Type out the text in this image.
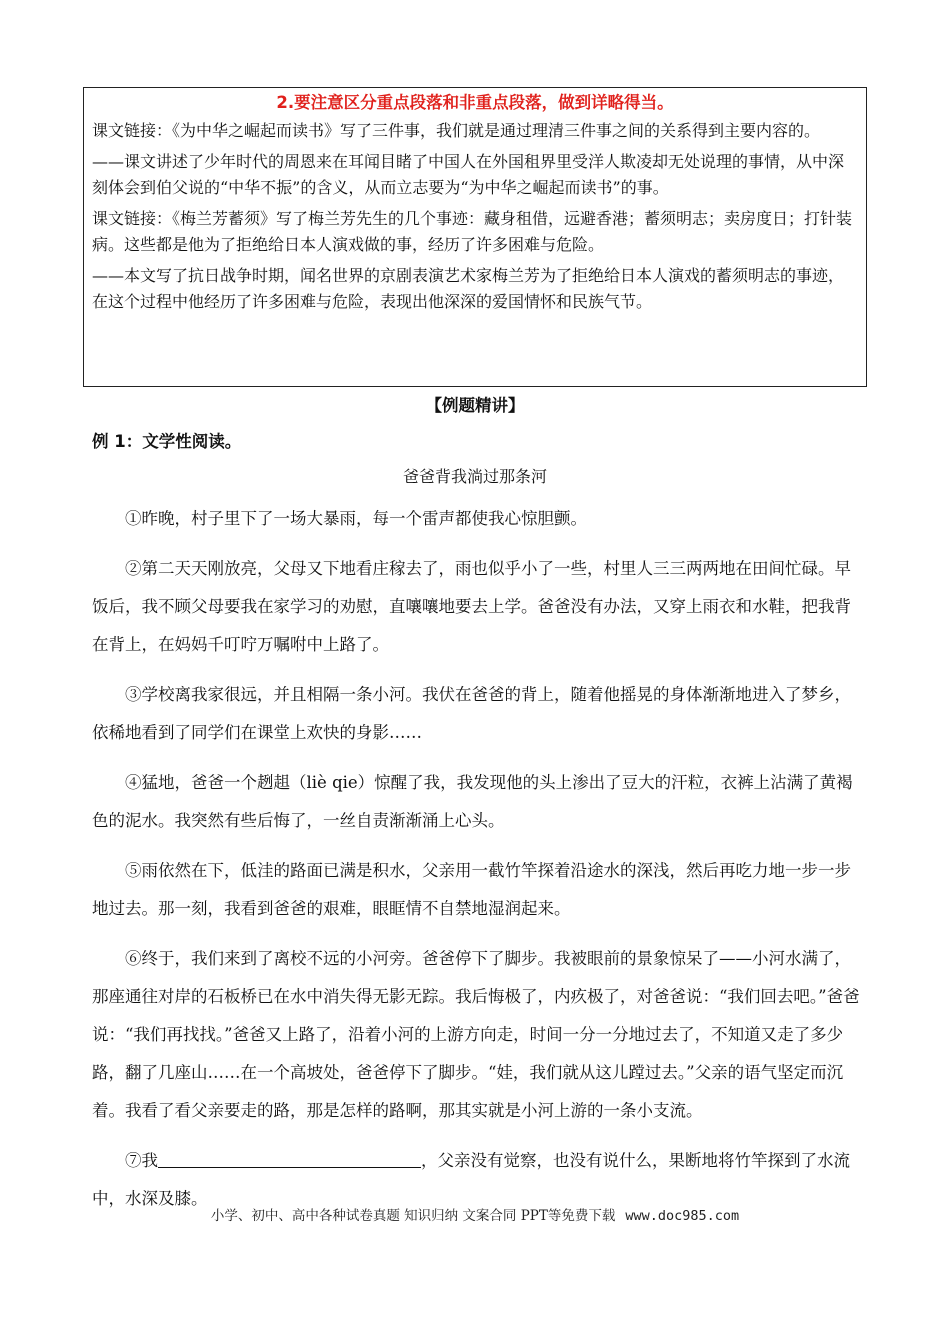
2.要注意区分重点段落和非重点段落，做到详略得当。

课文链接：《为中华之崛起而读书》写了三件事，我们就是通过理清三件事之间的关系得到主要内容的。

——课文讲述了少年时代的周恩来在耳闻目睹了中国人在外国租界里受洋人欺凌却无处说理的事情，从中深刻体会到伯父说的“中华不振”的含义，从而立志要为“为中华之崛起而读书”的事。

课文链接：《梅兰芳蓄须》写了梅兰芳先生的几个事迹：藏身租借，远避香港；蓄须明志；卖房度日；打针装病。这些都是他为了拒绝给日本人演戏做的事，经历了许多困难与危险。

——本文写了抗日战争时期，闻名世界的京剧表演艺术家梅兰芳为了拒绝给日本人演戏的蓄须明志的事迹，在这个过程中他经历了许多困难与危险，表现出他深深的爱国情怀和民族气节。

【例题精讲】
例 1：文学性阅读。
爸爸背我淌过那条河

①昨晚，村子里下了一场大暴雨，每一个雷声都使我心惊胆颤。

②第二天天刚放亮，父母又下地看庄稼去了，雨也似乎小了一些，村里人三三两两地在田间忙碌。早饭后，我不顾父母要我在家学习的劝慰，直嚷嚷地要去上学。爸爸没有办法，又穿上雨衣和水鞋，把我背在背上，在妈妈千叮咛万嘱咐中上路了。

③学校离我家很远，并且相隔一条小河。我伏在爸爸的背上，随着他摇晃的身体渐渐地进入了梦乡，依稀地看到了同学们在课堂上欢快的身影……

④猛地，爸爸一个趔趄（liè qie）惊醒了我，我发现他的头上渗出了豆大的汗粒，衣裤上沾满了黄褐色的泥水。我突然有些后悔了，一丝自责渐渐涌上心头。

⑤雨依然在下，低洼的路面已满是积水，父亲用一截竹竿探着沿途水的深浅，然后再吃力地一步一步地过去。那一刻，我看到爸爸的艰难，眼眶情不自禁地湿润起来。

⑥终于，我们来到了离校不远的小河旁。爸爸停下了脚步。我被眼前的景象惊呆了——小河水满了，那座通往对岸的石板桥已在水中消失得无影无踪。我后悔极了，内疚极了，对爸爸说：“我们回去吧。”爸爸说：“我们再找找。”爸爸又上路了，沿着小河的上游方向走，时间一分一分地过去了，不知道又走了多少路，翻了几座山……在一个高坡处，爸爸停下了脚步。“娃，我们就从这儿蹚过去。”父亲的语气坚定而沉着。我看了看父亲要走的路，那是怎样的路啊，那其实就是小河上游的一条小支流。

⑦我	，父亲没有觉察，也没有说什么，果断地将竹竿探到了水流中，水深及膝。

小学、初中、高中各种试卷真题 知识归纳 文案合同 PPT等免费下载 www.doc985.com
